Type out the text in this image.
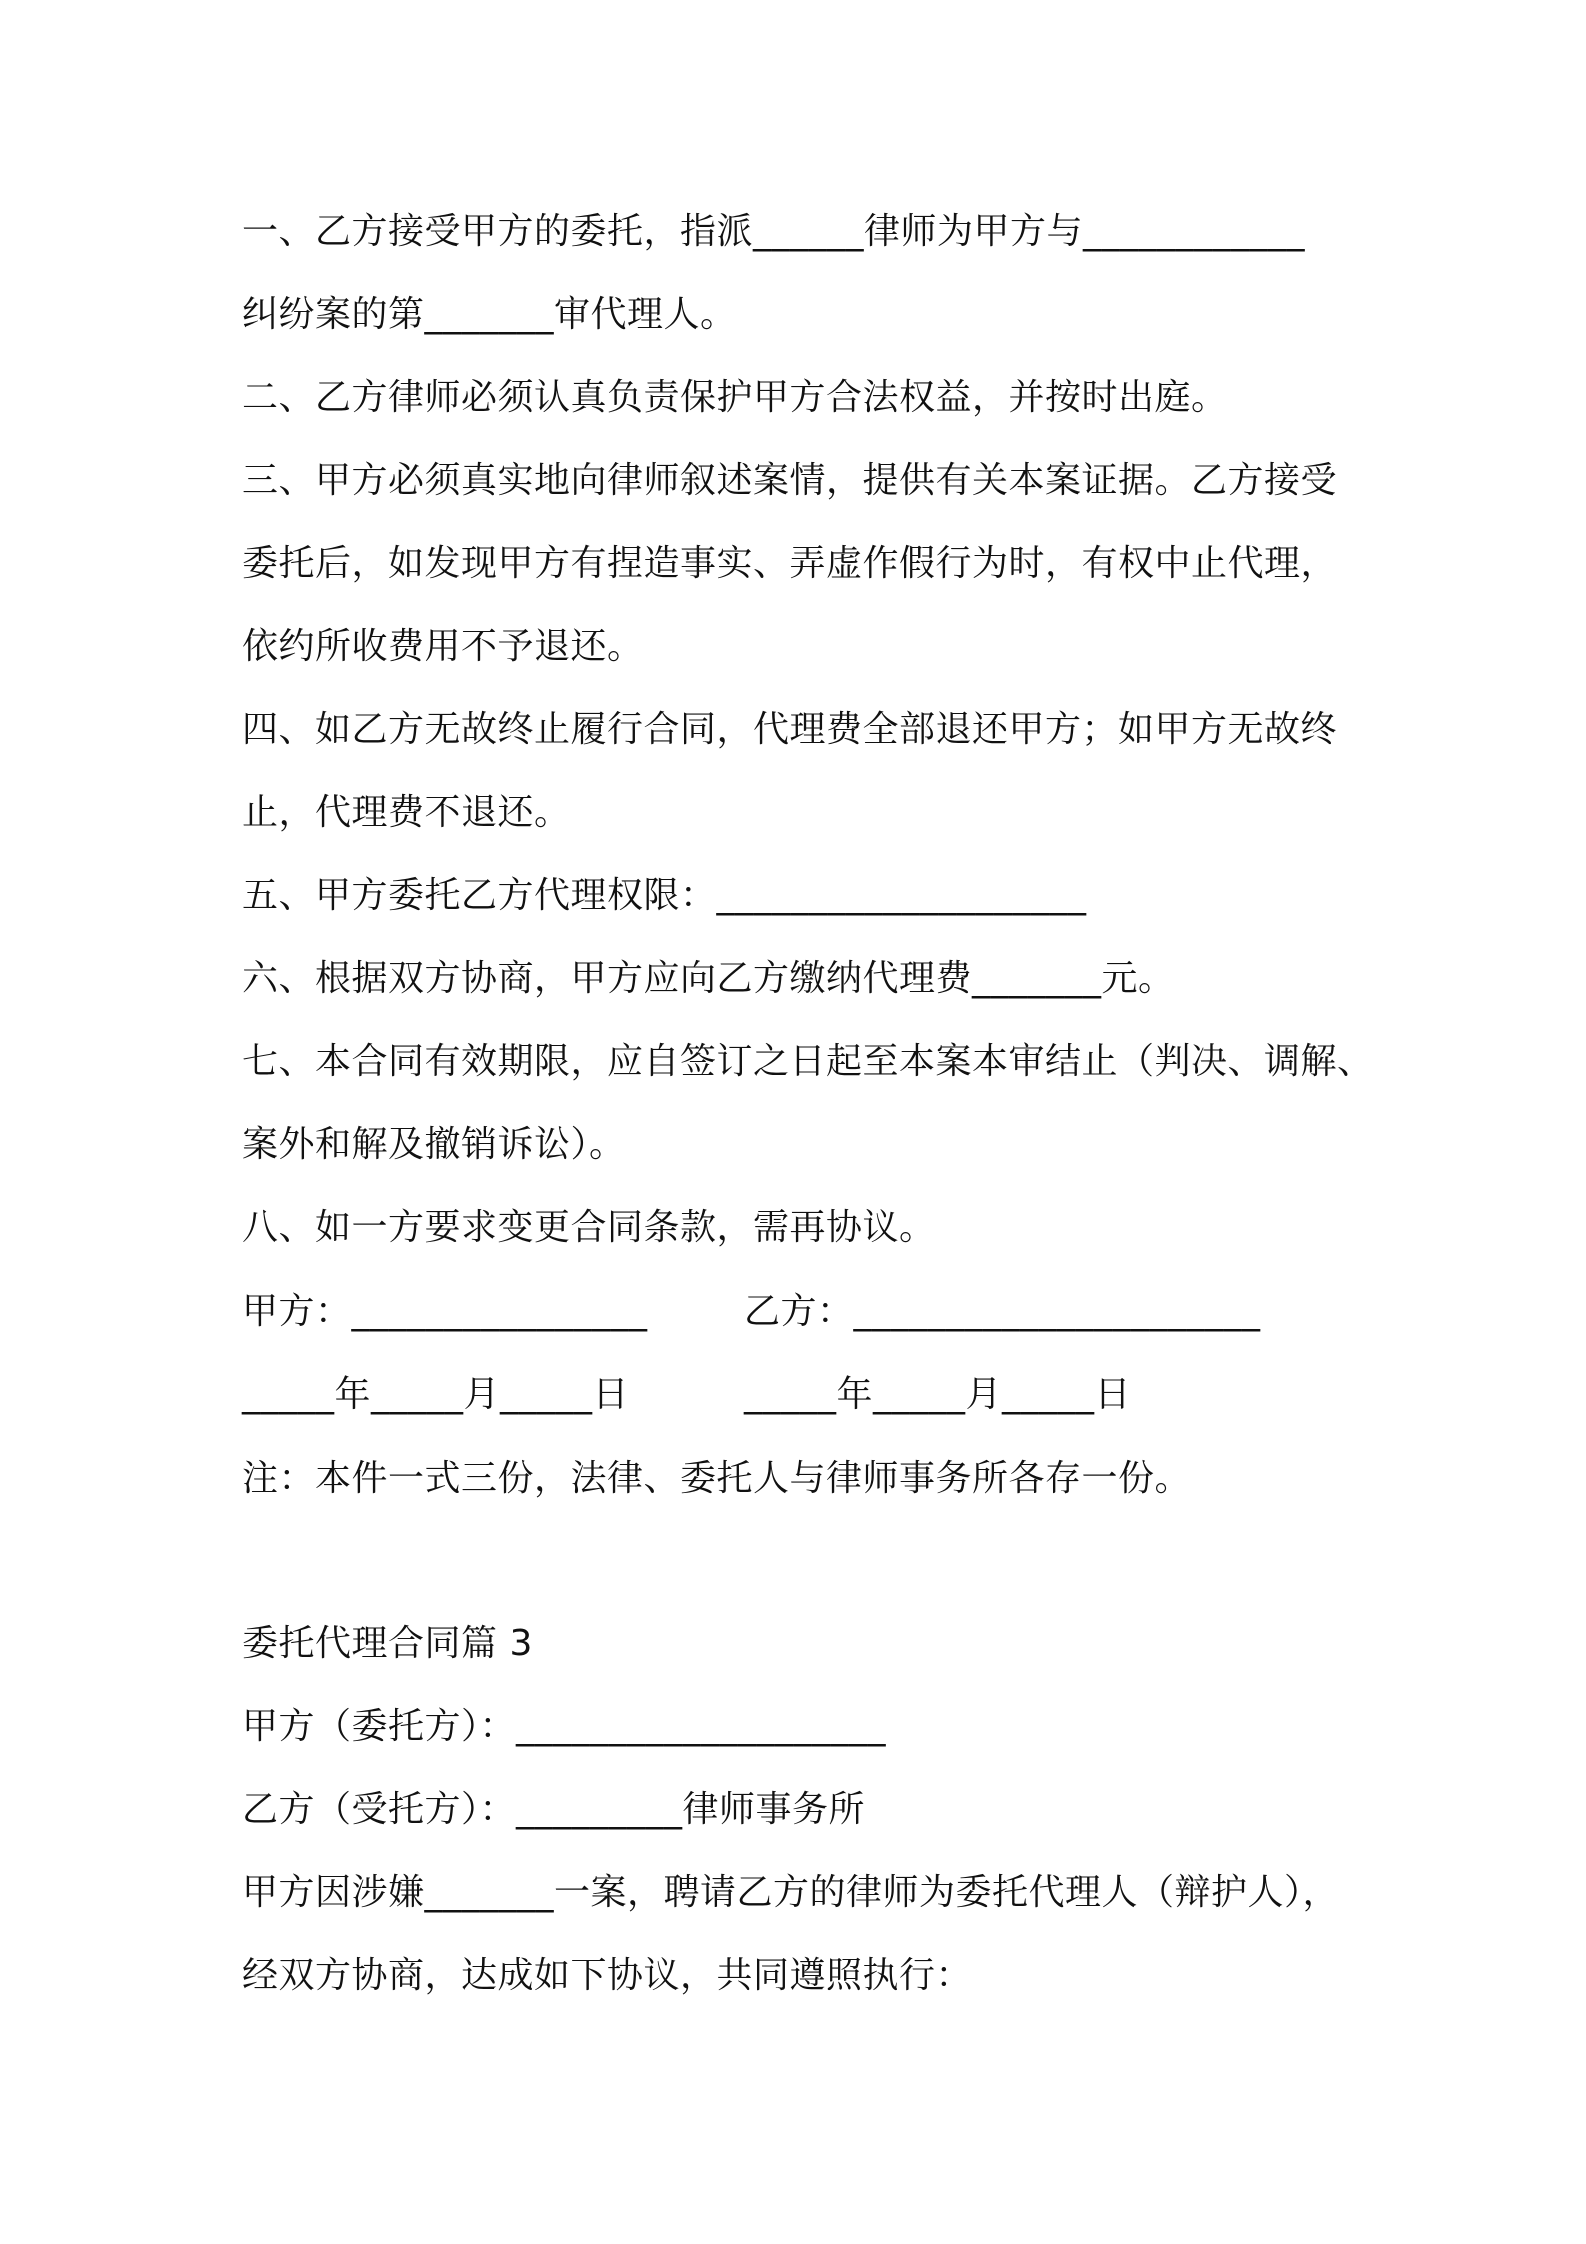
一、乙方接受甲方的委托，指派______律师为甲方与____________
纠纷案的第_______审代理人。
二、乙方律师必须认真负责保护甲方合法权益，并按时出庭。
三、甲方必须真实地向律师叙述案情，提供有关本案证据。乙方接受
委托后，如发现甲方有捏造事实、弄虚作假行为时，有权中止代理，
依约所收费用不予退还。
四、如乙方无故终止履行合同，代理费全部退还甲方；如甲方无故终
止，代理费不退还。
五、甲方委托乙方代理权限：____________________
六、根据双方协商，甲方应向乙方缴纳代理费_______元。
七、本合同有效期限，应自签订之日起至本案本审结止（判决、调解、
案外和解及撤销诉讼）。
八、如一方要求变更合同条款，需再协议。
甲方：________________	乙方：______________________
_____年_____月_____日	_____年_____月_____日
注：本件一式三份，法律、委托人与律师事务所各存一份。
委托代理合同篇 3
甲方（委托方）：____________________
乙方（受托方）：_________律师事务所
甲方因涉嫌_______一案，聘请乙方的律师为委托代理人（辩护人），
经双方协商，达成如下协议，共同遵照执行：
